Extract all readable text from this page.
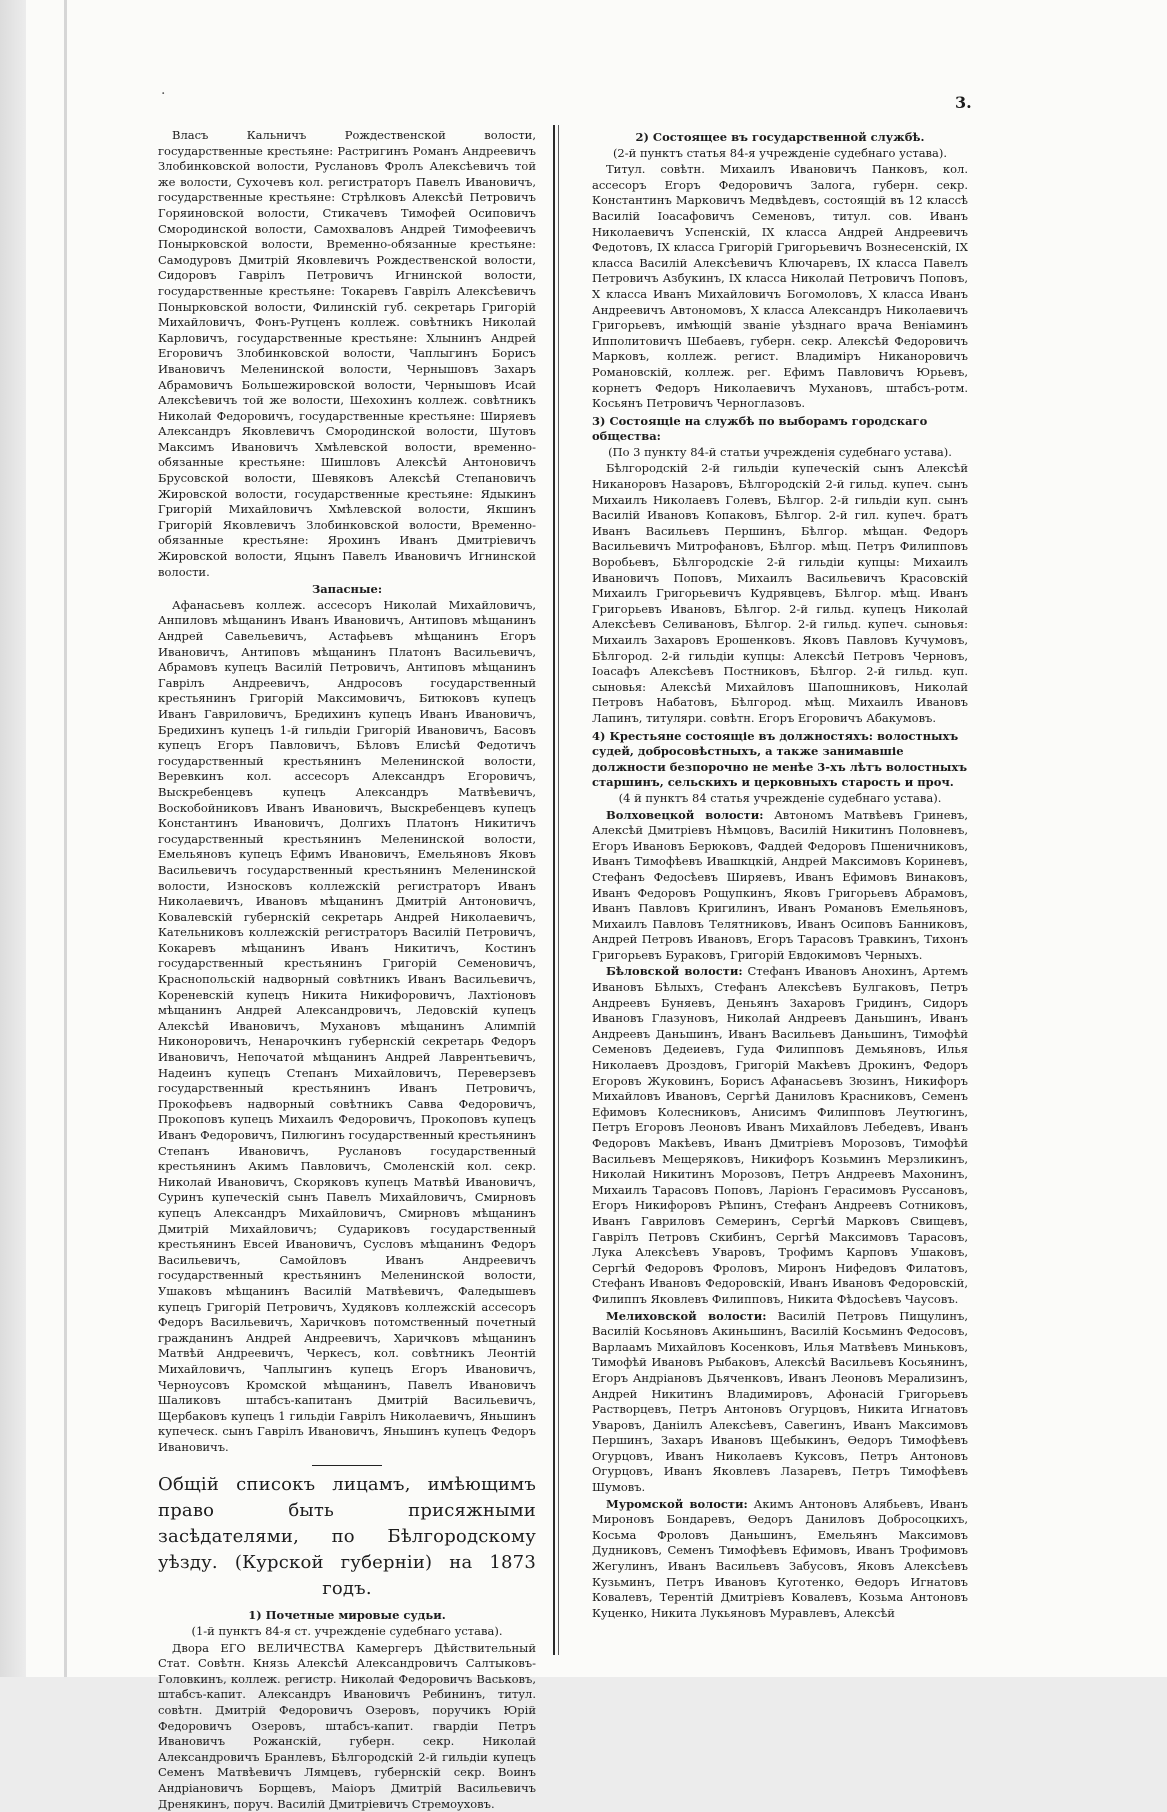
·	3.

Власъ Кальничъ Рождественской волости, государственные крестьяне: Растригинъ Романъ Андреевичъ Злобинковской волости, Руслановъ Фролъ Алексѣевичъ той же волости, Сухочевъ кол. регистраторъ Павелъ Ивановичъ, государственные крестьяне: Стрѣлковъ Алексѣй Петровичъ Горяиновской волости, Стикачевъ Тимофей Осиповичъ Смородинской волости, Самохваловъ Андрей Тимофеевичъ Понырковской волости, Временно-обязанные крестьяне: Самодуровъ Дмитрій Яковлевичъ Рождественской волости, Сидоровъ Гаврілъ Петровичъ Игнинской волости, государственные крестьяне: Токаревъ Гаврілъ Алексѣевичъ Понырковской волости, Филинскій губ. секретарь Григорій Михайловичъ, Фонъ-Рутценъ коллеж. совѣтникъ Николай Карловичъ, государственные крестьяне: Хлынинъ Андрей Егоровичъ Злобинковской волости, Чаплыгинъ Борисъ Ивановичъ Меленинской волости, Чернышовъ Захаръ Абрамовичъ Большежировской волости, Чернышовъ Исай Алексѣевичъ той же волости, Шехохинъ коллеж. совѣтникъ Николай Федоровичъ, государственные крестьяне: Ширяевъ Александръ Яковлевичъ Смородинской волости, Шутовъ Максимъ Ивановичъ Хмѣлевской волости, временно-обязанные крестьяне: Шишловъ Алексѣй Антоновичъ Брусовской волости, Шевяковъ Алексѣй Степановичъ Жировской волости, государственные крестьяне: Ядыкинъ Григорій Михайловичъ Хмѣлевской волости, Якшинъ Григорій Яковлевичъ Злобинковской волости, Временно-обязанные крестьяне: Ярохинъ Иванъ Дмитріевичъ Жировской волости, Яцынъ Павелъ Ивановичъ Игнинской волости.

Запасные:

Афанасьевъ коллеж. ассесоръ Николай Михайловичъ, Анпиловъ мѣщанинъ Иванъ Ивановичъ, Антиповъ мѣщанинъ Андрей Савельевичъ, Астафьевъ мѣщанинъ Егоръ Ивановичъ, Антиповъ мѣщанинъ Платонъ Васильевичъ, Абрамовъ купецъ Василій Петровичъ, Антиповъ мѣщанинъ Гаврілъ Андреевичъ, Андросовъ государственный крестьянинъ Григорій Максимовичъ, Битюковъ купецъ Иванъ Гавриловичъ, Бредихинъ купецъ Иванъ Ивановичъ, Бредихинъ купецъ 1-й гильдіи Григорій Ивановичъ, Басовъ купецъ Егоръ Павловичъ, Бѣловъ Елисѣй Федотичъ государственный крестьянинъ Меленинской волости, Веревкинъ кол. ассесоръ Александръ Егоровичъ, Выскребенцевъ купецъ Александръ Матвѣевичъ, Воскобойниковъ Иванъ Ивановичъ, Выскребенцевъ купецъ Константинъ Ивановичъ, Долгихъ Платонъ Никитичъ государственный крестьянинъ Меленинской волости, Емельяновъ купецъ Ефимъ Ивановичъ, Емельяновъ Яковъ Васильевичъ государственный крестьянинъ Меленинской волости, Износковъ коллежскій регистраторъ Иванъ Николаевичъ, Ивановъ мѣщанинъ Дмитрій Антоновичъ, Ковалевскій губернскій секретарь Андрей Николаевичъ, Кательниковъ коллежскій регистраторъ Василій Петровичъ, Кокаревъ мѣщанинъ Иванъ Никитичъ, Костинъ государственный крестьянинъ Григорій Семеновичъ, Краснопольскій надворный совѣтникъ Иванъ Васильевичъ, Кореневскій купецъ Никита Никифоровичъ, Лахтіоновъ мѣщанинъ Андрей Александровичъ, Ледовскій купецъ Алексѣй Ивановичъ, Мухановъ мѣщанинъ Алимпій Никоноровичъ, Ненарочкинъ губернскій секретарь Федоръ Ивановичъ, Непочатой мѣщанинъ Андрей Лаврентьевичъ, Надеинъ купецъ Степанъ Михайловичъ, Переверзевъ государственный крестьянинъ Иванъ Петровичъ, Прокофьевъ надворный совѣтникъ Савва Федоровичъ, Прокоповъ купецъ Михаилъ Федоровичъ, Прокоповъ купецъ Иванъ Федоровичъ, Пилюгинъ государственный крестьянинъ Степанъ Ивановичъ, Руслановъ государственный крестьянинъ Акимъ Павловичъ, Смоленскій кол. секр. Николай Ивановичъ, Скоряковъ купецъ Матвѣй Ивановичъ, Суринъ купеческій сынъ Павелъ Михайловичъ, Смирновъ купецъ Александръ Михайловичъ, Смирновъ мѣщанинъ Дмитрій Михайловичъ; Судариковъ государственный крестьянинъ Евсей Ивановичъ, Сусловъ мѣщанинъ Федоръ Васильевичъ, Самойловъ Иванъ Андреевичъ государственный крестьянинъ Меленинской волости, Ушаковъ мѣщанинъ Василій Матвѣевичъ, Фаледышевъ купецъ Григорій Петровичъ, Худяковъ коллежскій ассесоръ Федоръ Васильевичъ, Харичковъ потомственный почетный гражданинъ Андрей Андреевичъ, Харичковъ мѣщанинъ Матвѣй Андреевичъ, Черкесъ, кол. совѣтникъ Леонтій Михайловичъ, Чаплыгинъ купецъ Егоръ Ивановичъ, Черноусовъ Кромской мѣщанинъ, Павелъ Ивановичъ Шаликовъ штабсъ-капитанъ Дмитрій Васильевичъ, Щербаковъ купецъ 1 гильдіи Гаврілъ Николаевичъ, Яньшинъ купеческ. сынъ Гаврілъ Ивановичъ, Яньшинъ купецъ Федоръ Ивановичъ.

Общій списокъ лицамъ, имѣющимъ право быть присяжными засѣдателями, по Бѣлгородскому уѣзду. (Курской губерніи) на 1873 годъ.

1) Почетные мировые судьи.

(1-й пунктъ 84-я ст. учрежденіе судебнаго устава).

Двора ЕГО ВЕЛИЧЕСТВА Камергеръ Дѣйствительный Стат. Совѣтн. Князь Алексѣй Александровичъ Салтыковъ-Головкинъ, коллеж. регистр. Николай Федоровичъ Васьковъ, штабсъ-капит. Александръ Ивановичъ Ребининъ, титул. совѣтн. Дмитрій Федоровичъ Озеровъ, поручикъ Юрій Федоровичъ Озеровъ, штабсъ-капит. гвардіи Петръ Ивановичъ Рожанскій, губерн. секр. Николай Александровичъ Бранлевъ, Бѣлгородскій 2-й гильдіи купецъ Семенъ Матвѣевичъ Лямцевъ, губернскій секр. Воинъ Андріановичъ Борщевъ, Маіоръ Дмитрій Васильевичъ Дренякинъ, поруч. Василій Дмитріевичъ Стремоуховъ.

2) Состоящее въ государственной службѣ.

(2-й пунктъ статья 84-я учрежденіе судебнаго устава).

Титул. совѣтн. Михаилъ Ивановичъ Панковъ, кол. ассесоръ Егоръ Федоровичъ Залога, губерн. секр. Константинъ Марковичъ Медвѣдевъ, состоящій въ 12 классѣ Василій Іоасафовичъ Семеновъ, титул. сов. Иванъ Николаевичъ Успенскій, IX класса Андрей Андреевичъ Федотовъ, IX класса Григорій Григорьевичъ Вознесенскій, IX класса Василій Алексѣевичъ Ключаревъ, IX класса Павелъ Петровичъ Азбукинъ, IX класса Николай Петровичъ Поповъ, X класса Иванъ Михайловичъ Богомоловъ, X класса Иванъ Андреевичъ Автономовъ, X класса Александръ Николаевичъ Григорьевъ, имѣющій званіе уѣзднаго врача Веніаминъ Ипполитовичъ Шебаевъ, губерн. секр. Алексѣй Федоровичъ Марковъ, коллеж. регист. Владиміръ Никаноровичъ Романовскій, коллеж. рег. Ефимъ Павловичъ Юрьевъ, корнетъ Федоръ Николаевичъ Мухановъ, штабсъ-ротм. Косьянъ Петровичъ Черноглазовъ.

3) Состоящіе на службѣ по выборамъ городскаго общества:

(По 3 пункту 84-й статьи учрежденія судебнаго устава).

Бѣлгородскій 2-й гильдіи купеческій сынъ Алексѣй Никаноровъ Назаровъ, Бѣлгородскій 2-й гильд. купеч. сынъ Михаилъ Николаевъ Голевъ, Бѣлгор. 2-й гильдіи куп. сынъ Василій Ивановъ Копаковъ, Бѣлгор. 2-й гил. купеч. братъ Иванъ Васильевъ Першинъ, Бѣлгор. мѣщан. Федоръ Васильевичъ Митрофановъ, Бѣлгор. мѣщ. Петръ Филипповъ Воробьевъ, Бѣлгородскіе 2-й гильдіи купцы: Михаилъ Ивановичъ Поповъ, Михаилъ Васильевичъ Красовскій Михаилъ Григорьевичъ Кудрявцевъ, Бѣлгор. мѣщ. Иванъ Григорьевъ Ивановъ, Бѣлгор. 2-й гильд. купецъ Николай Алексѣевъ Селивановъ, Бѣлгор. 2-й гильд. купеч. сыновья: Михаилъ Захаровъ Ерошенковъ. Яковъ Павловъ Кучумовъ, Бѣлгород. 2-й гильдіи купцы: Алексѣй Петровъ Черновъ, Іоасафъ Алексѣевъ Постниковъ, Бѣлгор. 2-й гильд. куп. сыновья: Алексѣй Михайловъ Шапошниковъ, Николай Петровъ Набатовъ, Бѣлгород. мѣщ. Михаилъ Ивановъ Лапинъ, титуляри. совѣтн. Егоръ Егоровичъ Абакумовъ.

4) Крестьяне состоящіе въ должностяхъ: волостныхъ судей, добросовѣстныхъ, а также занимавшіе должности безпорочно не менѣе 3-хъ лѣтъ волостныхъ старшинъ, сельскихъ и церковныхъ старость и проч.

(4 й пунктъ 84 статья учрежденіе судебнаго устава).

Волховецкой волости: Автономъ Матвѣевъ Гриневъ, Алексѣй Дмитріевъ Нѣмцовъ, Василій Никитинъ Половневъ, Егоръ Ивановъ Берюковъ, Фаддей Федоровъ Пшеничниковъ, Иванъ Тимофѣевъ Ивашкцкій, Андрей Максимовъ Кориневъ, Стефанъ Федосѣевъ Ширяевъ, Иванъ Ефимовъ Винаковъ, Иванъ Федоровъ Рощупкинъ, Яковъ Григорьевъ Абрамовъ, Иванъ Павловъ Кригилинъ, Иванъ Романовъ Емельяновъ, Михаилъ Павловъ Телятниковъ, Иванъ Осиповъ Банниковъ, Андрей Петровъ Ивановъ, Егоръ Тарасовъ Травкинъ, Тихонъ Григорьевъ Бураковъ, Григорій Евдокимовъ Черныхъ.

Бѣловской волости: Стефанъ Ивановъ Анохинъ, Артемъ Ивановъ Бѣлыхъ, Стефанъ Алексѣевъ Булгаковъ, Петръ Андреевъ Буняевъ, Деньянъ Захаровъ Гридинъ, Сидоръ Ивановъ Глазуновъ, Николай Андреевъ Даньшинъ, Иванъ Андреевъ Даньшинъ, Иванъ Васильевъ Даньшинъ, Тимофѣй Семеновъ Дедеиевъ, Гуда Филипповъ Демьяновъ, Илья Николаевъ Дроздовъ, Григорій Макѣевъ Дрокинъ, Федоръ Егоровъ Жуковинъ, Борисъ Афанасьевъ Зюзинъ, Никифоръ Михайловъ Ивановъ, Сергѣй Даниловъ Красниковъ, Семенъ Ефимовъ Колесниковъ, Анисимъ Филипповъ Леутюгинъ, Петръ Егоровъ Леоновъ Иванъ Михайловъ Лебедевъ, Иванъ Федоровъ Макѣевъ, Иванъ Дмитріевъ Морозовъ, Тимофѣй Васильевъ Мещеряковъ, Никифоръ Козьминъ Мерзликинъ, Николай Никитинъ Морозовъ, Петръ Андреевъ Махонинъ, Михаилъ Тарасовъ Поповъ, Ларіонъ Герасимовъ Руссановъ, Егоръ Никифоровъ Рѣпинъ, Стефанъ Андреевъ Сотниковъ, Иванъ Гавриловъ Семеринъ, Сергѣй Марковъ Свищевъ, Гаврілъ Петровъ Скибинъ, Сергѣй Максимовъ Тарасовъ, Лука Алексѣевъ Уваровъ, Трофимъ Карповъ Ушаковъ, Сергѣй Федоровъ Фроловъ, Миронъ Нифедовъ Филатовъ, Стефанъ Ивановъ Федоровскій, Иванъ Ивановъ Федоровскій, Филиппъ Яковлевъ Филипповъ, Никита Фѣдосѣевъ Чаусовъ.

Мелиховской волости: Василій Петровъ Пищулинъ, Василій Косьяновъ Акиньшинъ, Василій Косьминъ Федосовъ, Варлаамъ Михайловъ Косенковъ, Илья Матвѣевъ Миньковъ, Тимофѣй Ивановъ Рыбаковъ, Алексѣй Васильевъ Косьянинъ, Егоръ Андріановъ Дьяченковъ, Иванъ Леоновъ Мерализинъ, Андрей Никитинъ Владимировъ, Афонасій Григорьевъ Растворцевъ, Петръ Антоновъ Огурцовъ, Никита Игнатовъ Уваровъ, Даніилъ Алексѣевъ, Савегинъ, Иванъ Максимовъ Першинъ, Захаръ Ивановъ Щебыкинъ, Өедоръ Тимофѣевъ Огурцовъ, Иванъ Николаевъ Куксовъ, Петръ Антоновъ Огурцовъ, Иванъ Яковлевъ Лазаревъ, Петръ Тимофѣевъ Шумовъ.

Муромской волости: Акимъ Антоновъ Алябьевъ, Иванъ Мироновъ Бондаревъ, Өедоръ Даниловъ Добросоцкихъ, Косьма Фроловъ Даньшинъ, Емельянъ Максимовъ Дудниковъ, Семенъ Тимофѣевъ Ефимовъ, Иванъ Трофимовъ Жегулинъ, Иванъ Васильевъ Забусовъ, Яковъ Алексѣевъ Кузьминъ, Петръ Ивановъ Куготенко, Өедоръ Игнатовъ Ковалевъ, Терентій Дмитріевъ Ковалевъ, Козьма Антоновъ Куценко, Никита Лукьяновъ Муравлевъ, Алексѣй
